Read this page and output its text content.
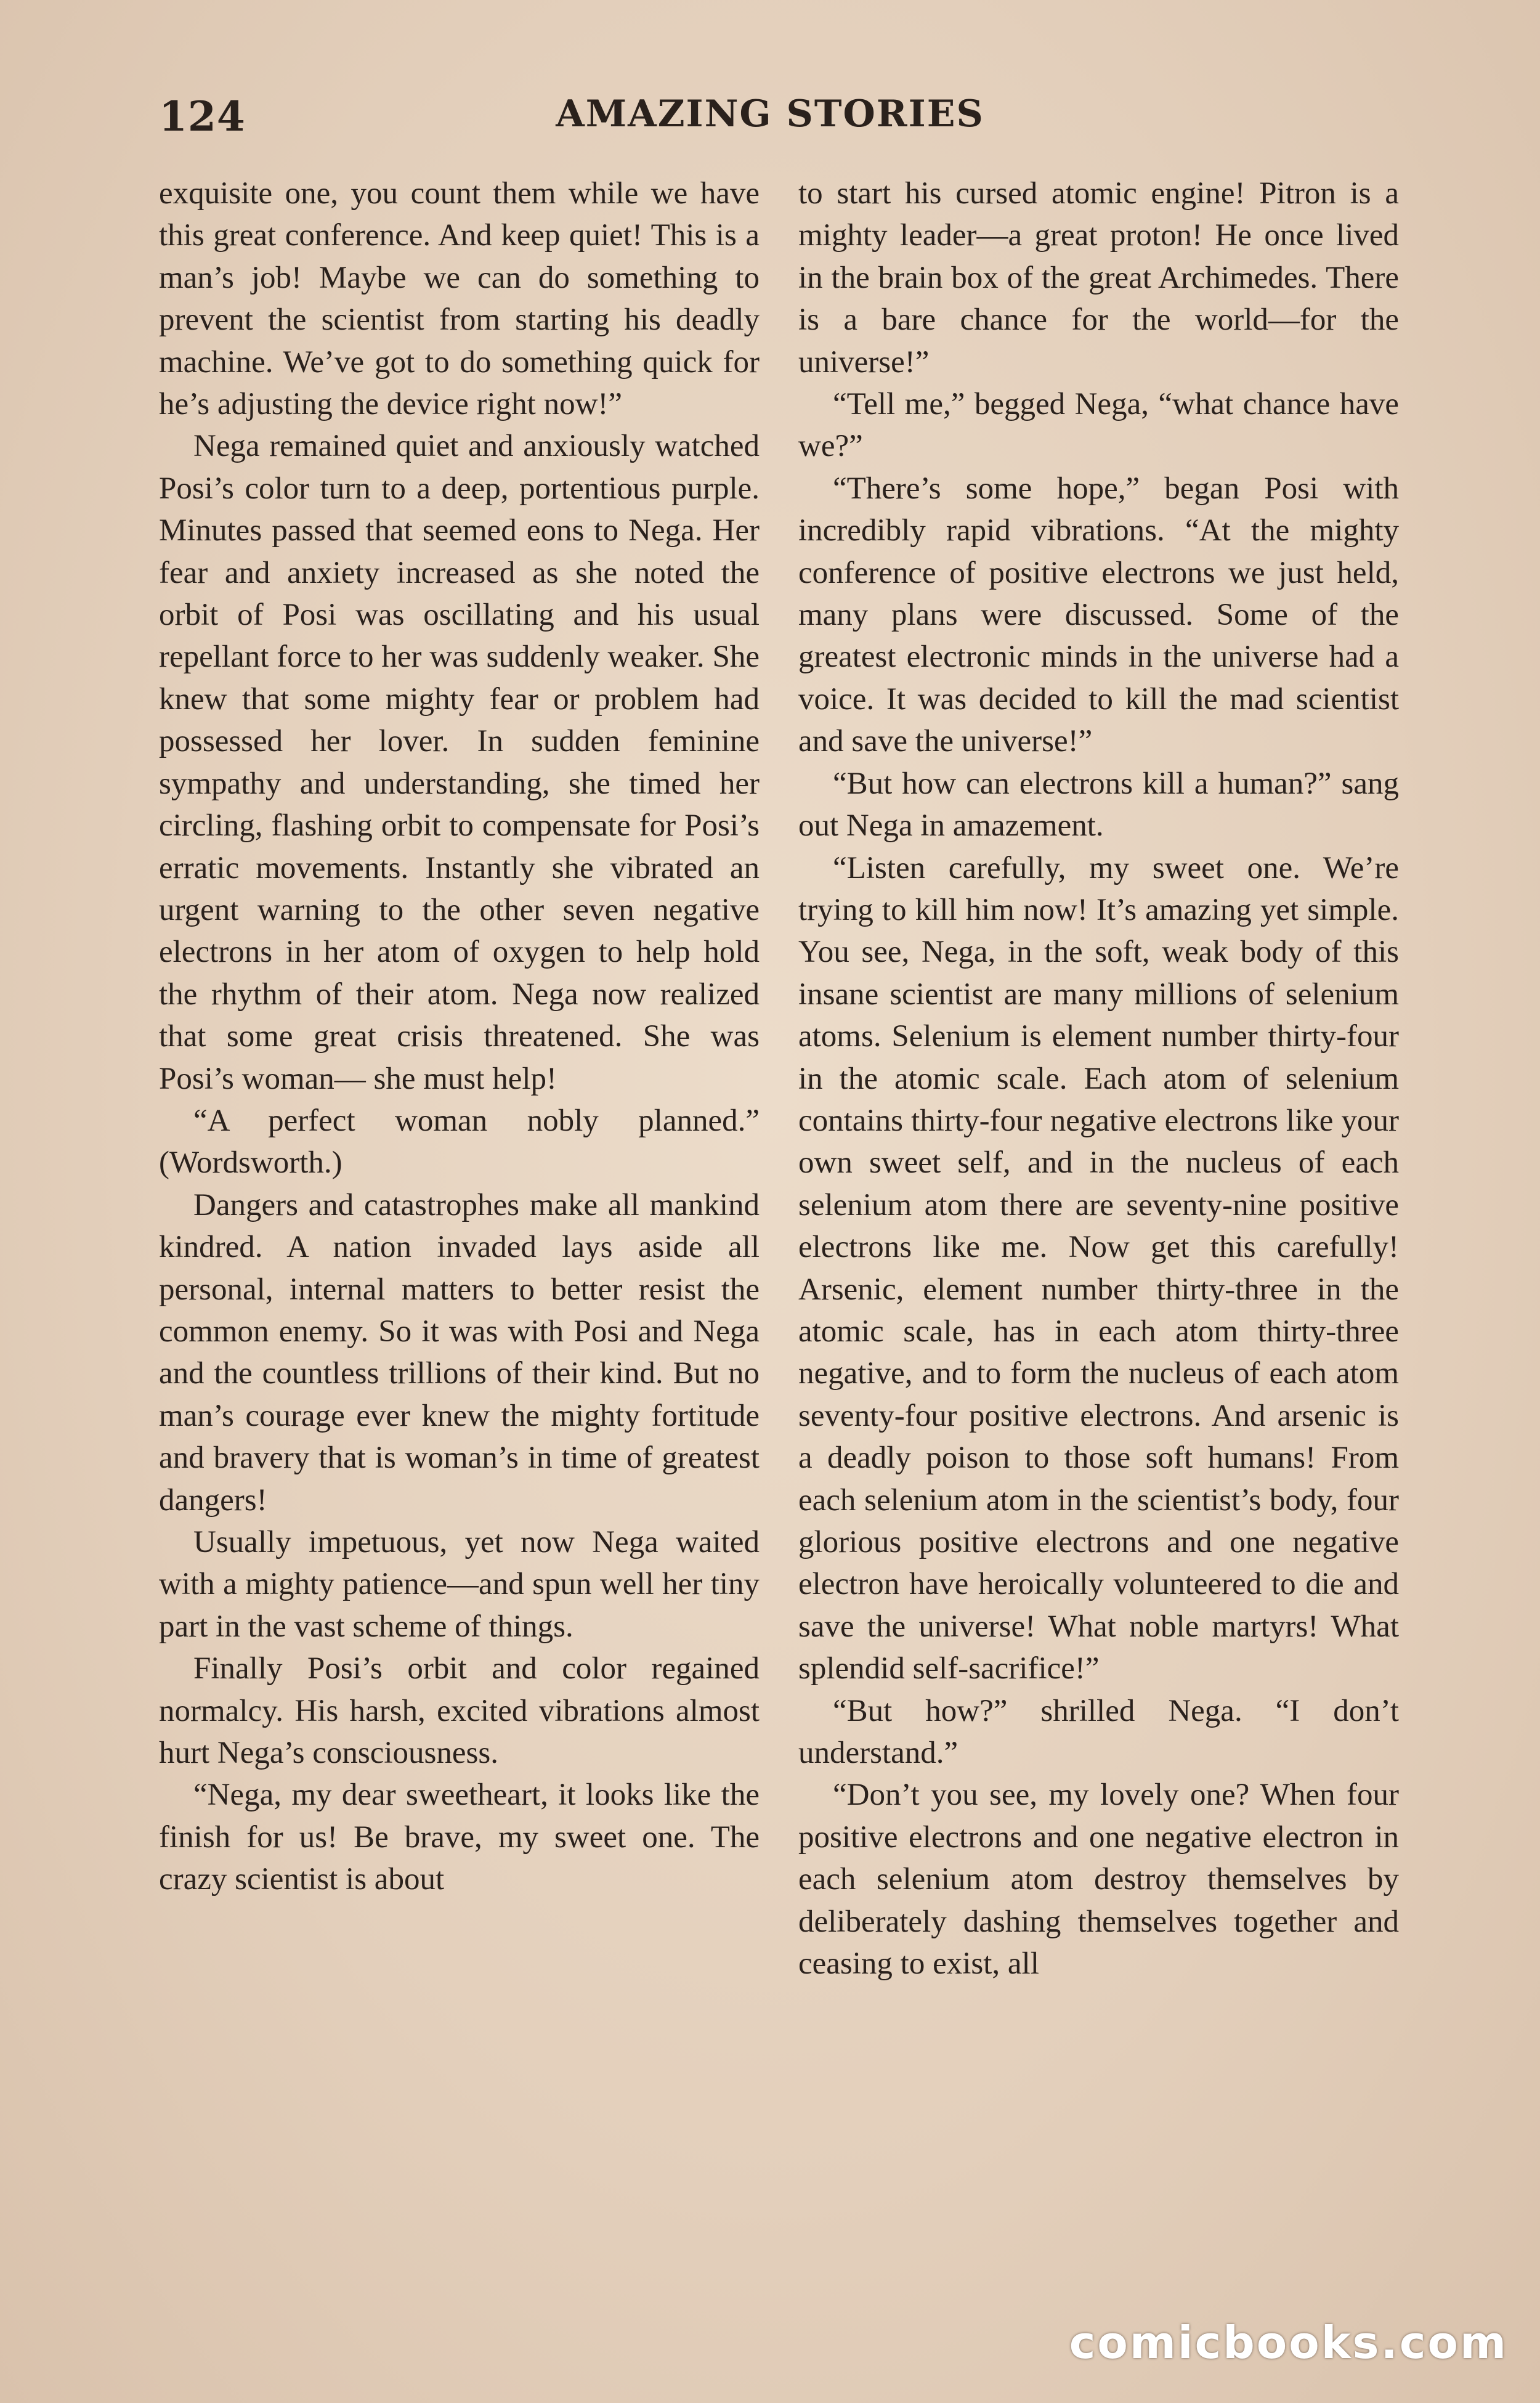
124	AMAZING STORIES

exquisite one, you count them while we have this great conference. And keep quiet! This is a man’s job! Maybe we can do something to prevent the scientist from starting his deadly machine. We’ve got to do something quick for he’s adjusting the device right now!”

Nega remained quiet and anxiously watched Posi’s color turn to a deep, portentious purple. Minutes passed that seemed eons to Nega. Her fear and anxiety increased as she noted the orbit of Posi was oscillating and his usual repellant force to her was suddenly weaker. She knew that some mighty fear or problem had possessed her lover. In sudden feminine sympathy and understanding, she timed her circling, flashing orbit to compensate for Posi’s erratic movements. Instantly she vibrated an urgent warning to the other seven negative electrons in her atom of oxygen to help hold the rhythm of their atom. Nega now realized that some great crisis threatened. She was Posi’s woman— she must help!

“A perfect woman nobly planned.” (Wordsworth.)

Dangers and catastrophes make all mankind kindred. A nation invaded lays aside all personal, internal matters to better resist the common enemy. So it was with Posi and Nega and the countless trillions of their kind. But no man’s courage ever knew the mighty fortitude and bravery that is woman’s in time of greatest dangers!

Usually impetuous, yet now Nega waited with a mighty patience—and spun well her tiny part in the vast scheme of things.

Finally Posi’s orbit and color regained normalcy. His harsh, excited vibrations almost hurt Nega’s consciousness.

“Nega, my dear sweetheart, it looks like the finish for us! Be brave, my sweet one. The crazy scientist is about

to start his cursed atomic engine! Pitron is a mighty leader—a great proton! He once lived in the brain box of the great Archimedes. There is a bare chance for the world—for the universe!”

“Tell me,” begged Nega, “what chance have we?”

“There’s some hope,” began Posi with incredibly rapid vibrations. “At the mighty conference of positive electrons we just held, many plans were discussed. Some of the greatest electronic minds in the universe had a voice. It was decided to kill the mad scientist and save the universe!”

“But how can electrons kill a human?” sang out Nega in amazement.

“Listen carefully, my sweet one. We’re trying to kill him now! It’s amazing yet simple. You see, Nega, in the soft, weak body of this insane scientist are many millions of selenium atoms. Selenium is element number thirty-four in the atomic scale. Each atom of selenium contains thirty-four negative electrons like your own sweet self, and in the nucleus of each selenium atom there are seventy-nine positive electrons like me. Now get this carefully! Arsenic, element number thirty-three in the atomic scale, has in each atom thirty-three negative, and to form the nucleus of each atom seventy-four positive electrons. And arsenic is a deadly poison to those soft humans! From each selenium atom in the scientist’s body, four glorious positive electrons and one negative electron have heroically volunteered to die and save the universe! What noble martyrs! What splendid self-sacrifice!”

“But how?” shrilled Nega. “I don’t understand.”

“Don’t you see, my lovely one? When four positive electrons and one negative electron in each selenium atom destroy themselves by deliberately dashing themselves together and ceasing to exist, all

comicbooks.com
